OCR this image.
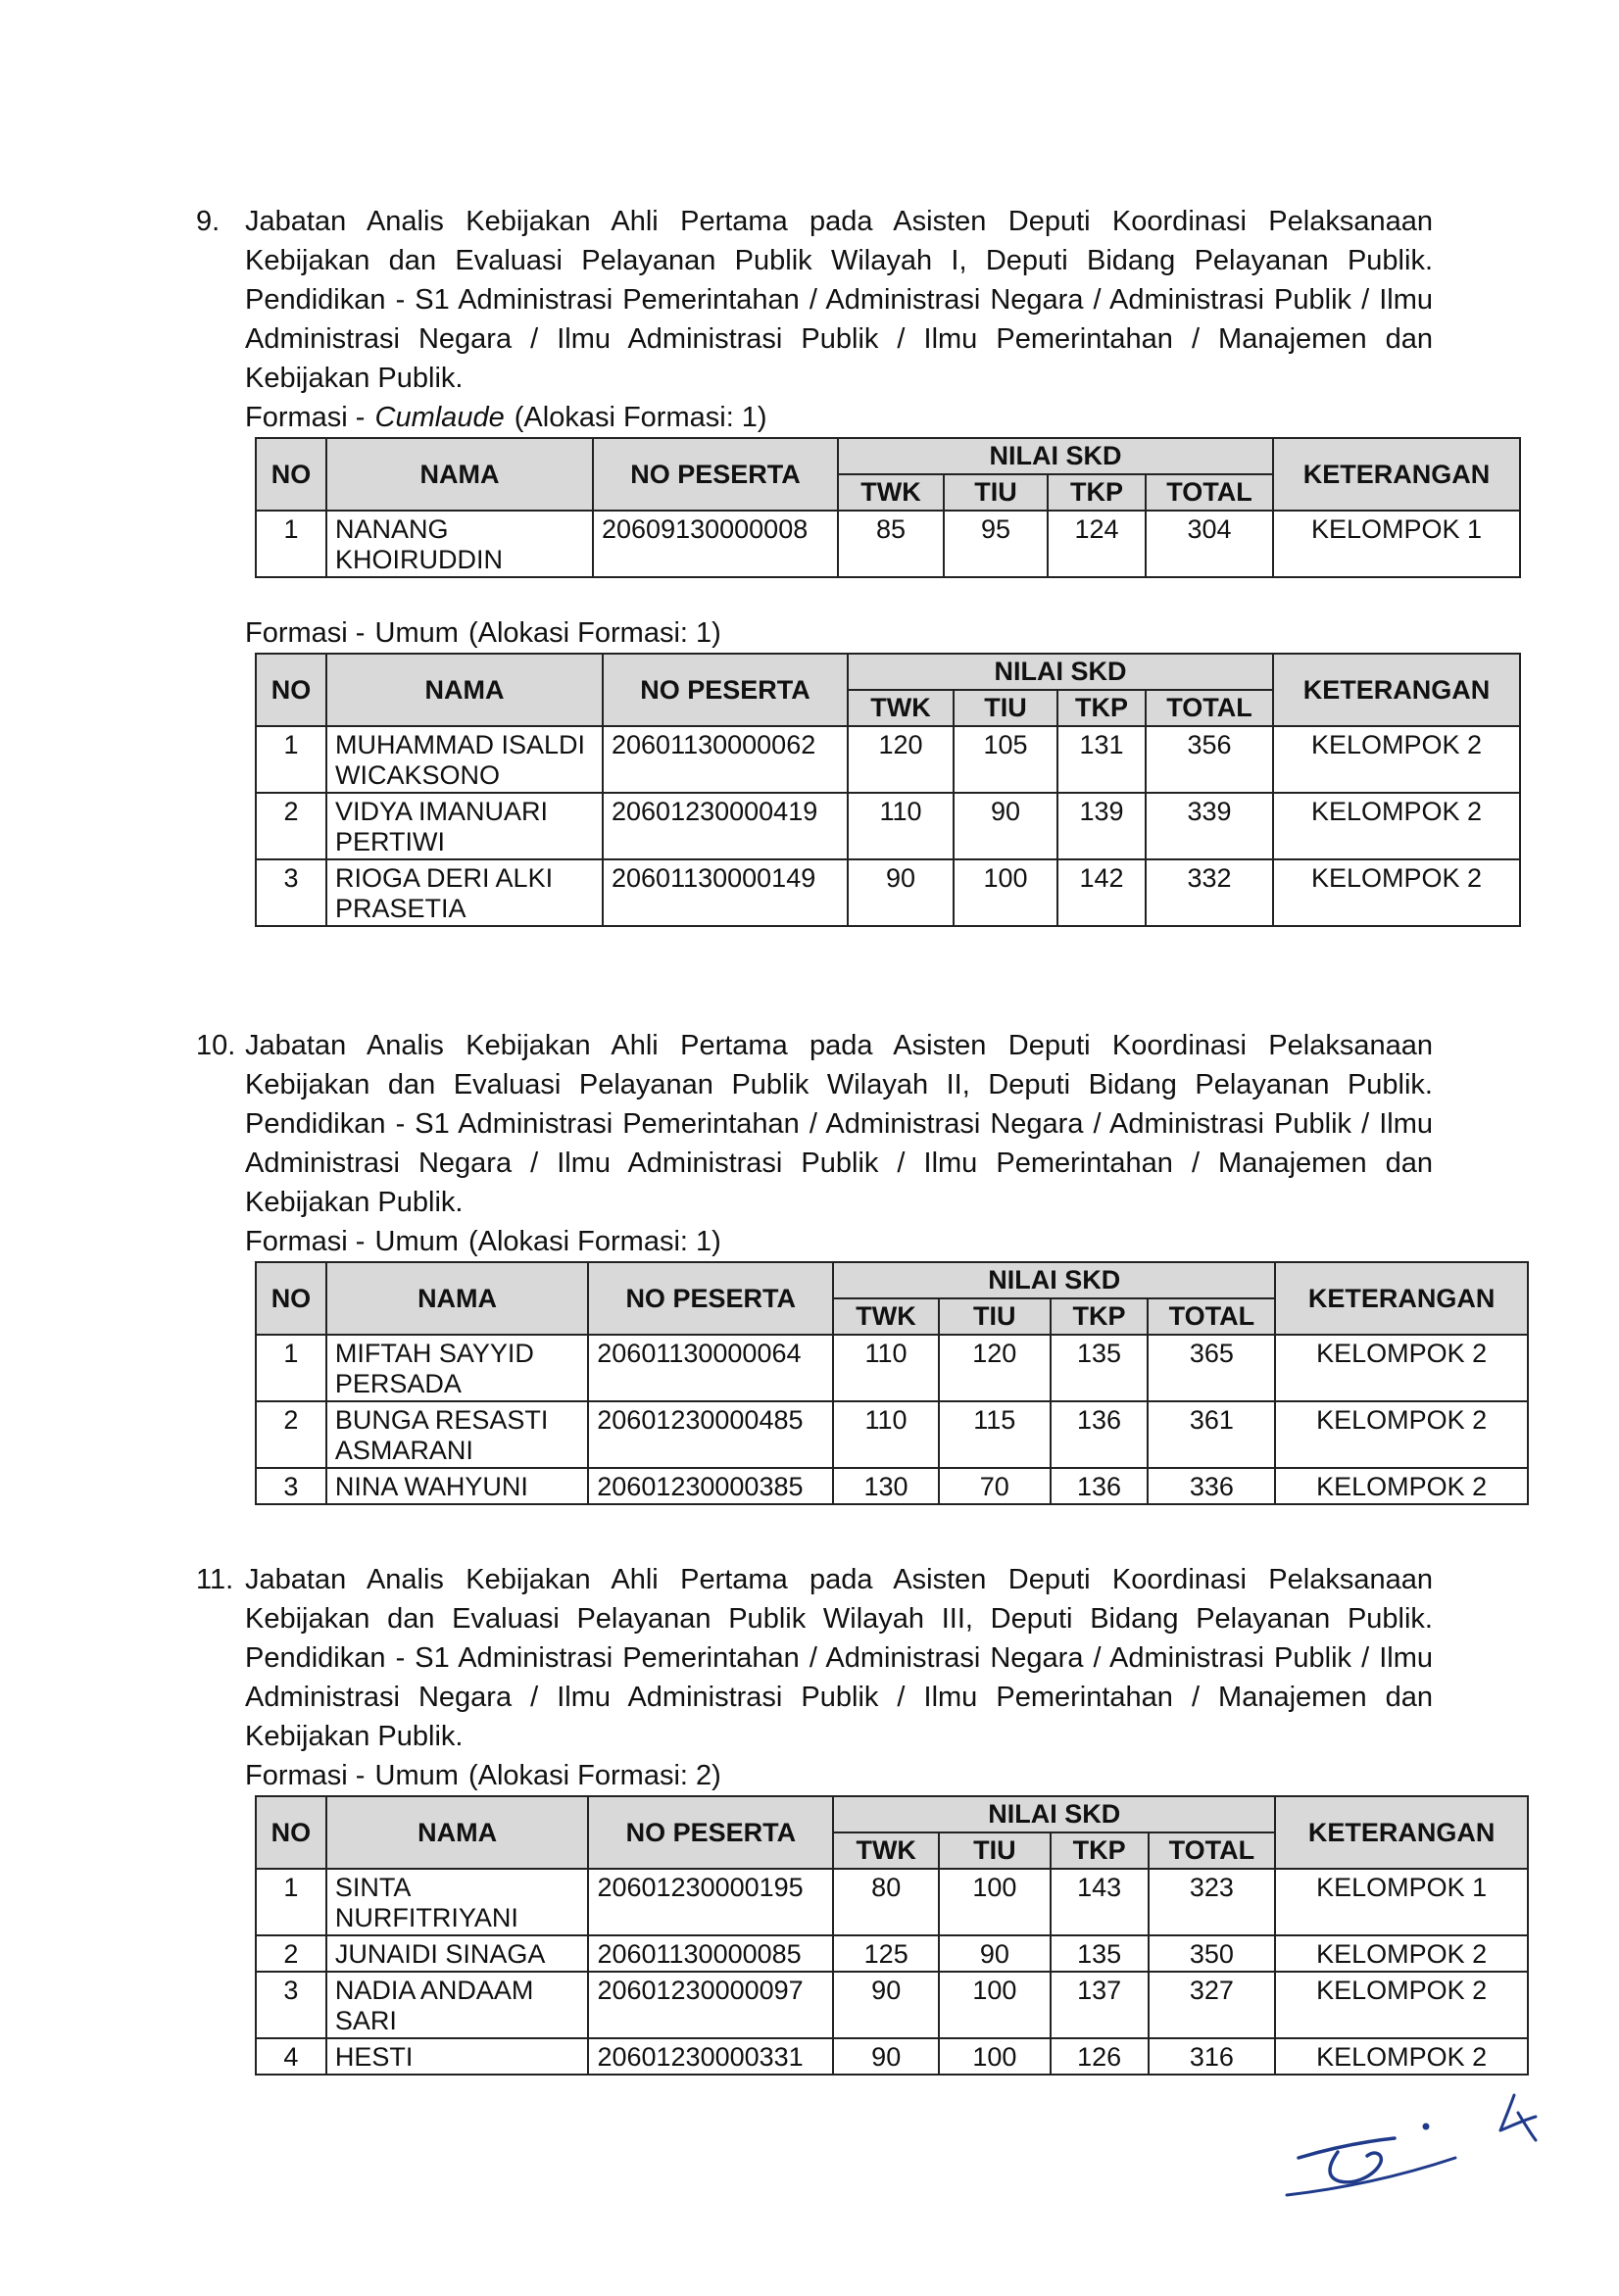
9. Jabatan Analis Kebijakan Ahli Pertama pada Asisten Deputi Koordinasi Pelaksanaan Kebijakan dan Evaluasi Pelayanan Publik Wilayah I, Deputi Bidang Pelayanan Publik. Pendidikan - S1 Administrasi Pemerintahan / Administrasi Negara / Administrasi Publik / Ilmu Administrasi Negara / Ilmu Administrasi Publik / Ilmu Pemerintahan / Manajemen dan Kebijakan Publik.
Formasi - Cumlaude (Alokasi Formasi: 1)
NO	NAMA	NO PESERTA	NILAI SKD				KETERANGAN
			TWK	TIU	TKP	TOTAL	
1	NANANG KHOIRUDDIN	20609130000008	85	95	124	304	KELOMPOK 1
Formasi - Umum (Alokasi Formasi: 1)
NO	NAMA	NO PESERTA	NILAI SKD				KETERANGAN
			TWK	TIU	TKP	TOTAL	
1	MUHAMMAD ISALDI WICAKSONO	20601130000062	120	105	131	356	KELOMPOK 2
2	VIDYA IMANUARI PERTIWI	20601230000419	110	90	139	339	KELOMPOK 2
3	RIOGA DERI ALKI PRASETIA	20601130000149	90	100	142	332	KELOMPOK 2
10. Jabatan Analis Kebijakan Ahli Pertama pada Asisten Deputi Koordinasi Pelaksanaan Kebijakan dan Evaluasi Pelayanan Publik Wilayah II, Deputi Bidang Pelayanan Publik. Pendidikan - S1 Administrasi Pemerintahan / Administrasi Negara / Administrasi Publik / Ilmu Administrasi Negara / Ilmu Administrasi Publik / Ilmu Pemerintahan / Manajemen dan Kebijakan Publik.
Formasi - Umum (Alokasi Formasi: 1)
NO	NAMA	NO PESERTA	NILAI SKD				KETERANGAN
			TWK	TIU	TKP	TOTAL	
1	MIFTAH SAYYID PERSADA	20601130000064	110	120	135	365	KELOMPOK 2
2	BUNGA RESASTI ASMARANI	20601230000485	110	115	136	361	KELOMPOK 2
3	NINA WAHYUNI	20601230000385	130	70	136	336	KELOMPOK 2
11. Jabatan Analis Kebijakan Ahli Pertama pada Asisten Deputi Koordinasi Pelaksanaan Kebijakan dan Evaluasi Pelayanan Publik Wilayah III, Deputi Bidang Pelayanan Publik. Pendidikan - S1 Administrasi Pemerintahan / Administrasi Negara / Administrasi Publik / Ilmu Administrasi Negara / Ilmu Administrasi Publik / Ilmu Pemerintahan / Manajemen dan Kebijakan Publik.
Formasi - Umum (Alokasi Formasi: 2)
NO	NAMA	NO PESERTA	NILAI SKD				KETERANGAN
			TWK	TIU	TKP	TOTAL	
1	SINTA NURFITRIYANI	20601230000195	80	100	143	323	KELOMPOK 1
2	JUNAIDI SINAGA	20601130000085	125	90	135	350	KELOMPOK 2
3	NADIA ANDAAM SARI	20601230000097	90	100	137	327	KELOMPOK 2
4	HESTI	20601230000331	90	100	126	316	KELOMPOK 2
